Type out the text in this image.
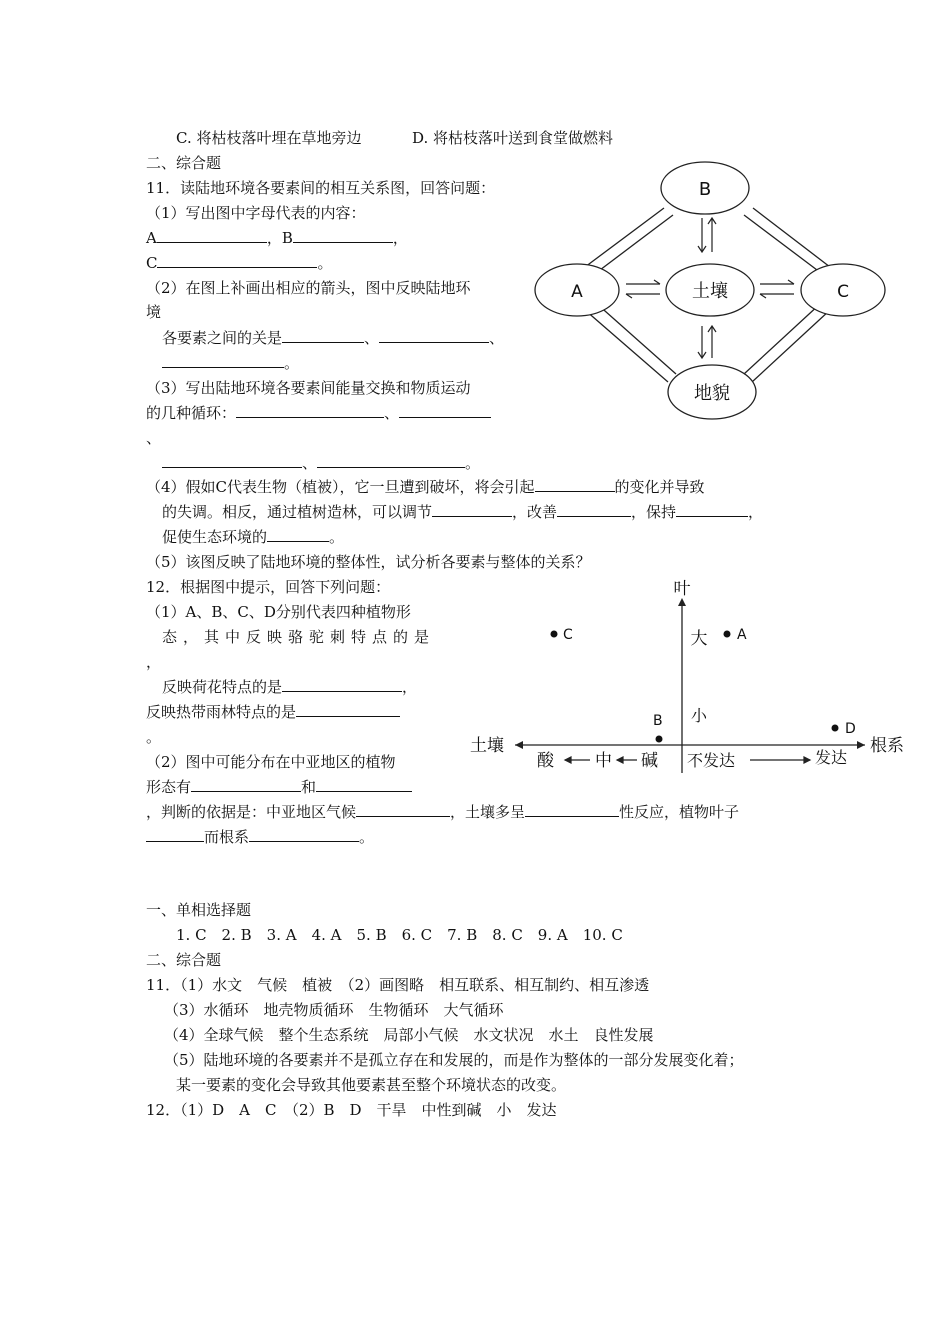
C. 将枯枝落叶埋在草地旁边	D. 将枯枝落叶送到食堂做燃料
二、综合题
11．读陆地环境各要素间的相互关系图，回答问题：
（1）写出图中字母代表的内容：
A	，B	，
C	。
（2）在图上补画出相应的箭头，图中反映陆地环
境
各要素之间的关是	、	、
。
（3）写出陆地环境各要素间能量交换和物质运动
的几种循环：	、
、
、	。
（4）假如C代表生物（植被），它一旦遭到破坏，将会引起	的变化并导致
的失调。相反，通过植树造林，可以调节	，改善	，保持	，
促使生态环境的	。
（5）该图反映了陆地环境的整体性，试分析各要素与整体的关系？
12．根据图中提示，回答下列问题：
（1）A、B、C、D分别代表四种植物形
态，其中反映骆驼刺特点的是
，
反映荷花特点的是	，
反映热带雨林特点的是
。
（2）图中可能分布在中亚地区的植物
形态有	和
，判断的依据是：中亚地区气候	，土壤多呈	性反应，植物叶子
而根系	。
一、单相选择题
1. C　2. B　3. A　4. A　5. B　6. C　7. B　8. C　9. A　10. C
二、综合题
11．（1）水文　气候　植被　（2）画图略　相互联系、相互制约、相互渗透
（3）水循环　地壳物质循环　生物循环　大气循环
（4）全球气候　整个生态系统　局部小气候　水文状况　水土　良性发展
（5）陆地环境的各要素并不是孤立存在和发展的，而是作为整体的一部分发展变化着；
某一要素的变化会导致其他要素甚至整个环境状态的改变。
12．（1）D　A　C　（2）B　D　干旱　中性到碱　小　发达
B
A	土壤	C
地貌
叶
大
小
根系
土壤
酸 中 碱 不发达	发达
C	A
B	D
